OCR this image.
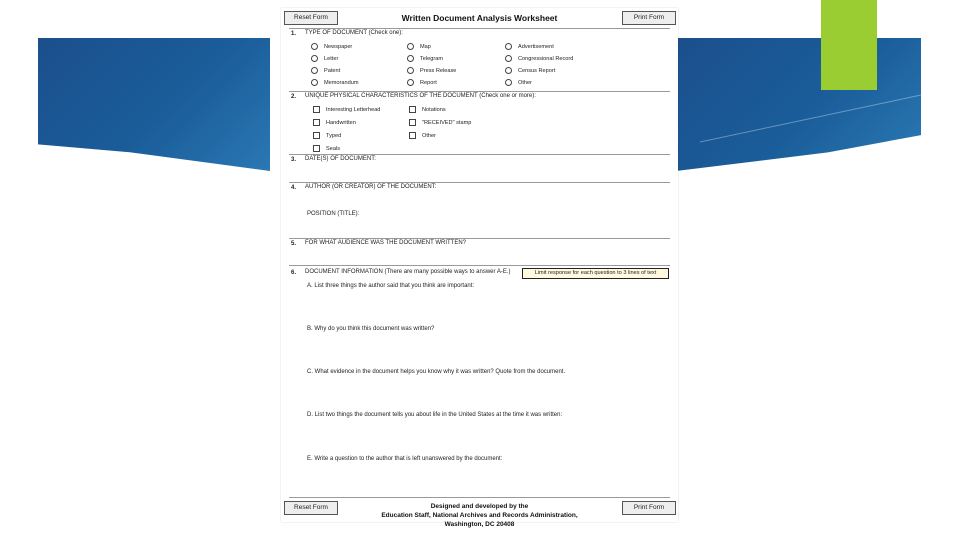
Reset Form	Written Document Analysis Worksheet	Print Form
1. TYPE OF DOCUMENT (Check one):
Newspaper	Map	Advertisement
Letter	Telegram	Congressional Record
Patent	Press Release	Census Report
Memorandum	Report	Other
2. UNIQUE PHYSICAL CHARACTERISTICS OF THE DOCUMENT (Check one or more):
Interesting Letterhead	Notations
Handwritten	"RECEIVED" stamp
Typed	Other
Seals
3. DATE(S) OF DOCUMENT:
4. AUTHOR (OR CREATOR) OF THE DOCUMENT:
POSITION (TITLE):
5. FOR WHAT AUDIENCE WAS THE DOCUMENT WRITTEN?
6. DOCUMENT INFORMATION (There are many possible ways to answer A-E.)	Limit response for each question to 3 lines of text
A. List three things the author said that you think are important:
B. Why do you think this document was written?
C. What evidence in the document helps you know why it was written? Quote from the document.
D. List two things the document tells you about life in the United States at the time it was written:
E. Write a question to the author that is left unanswered by the document:
Reset Form	Designed and developed by the
Education Staff, National Archives and Records Administration,
Washington, DC 20408
Print Form
